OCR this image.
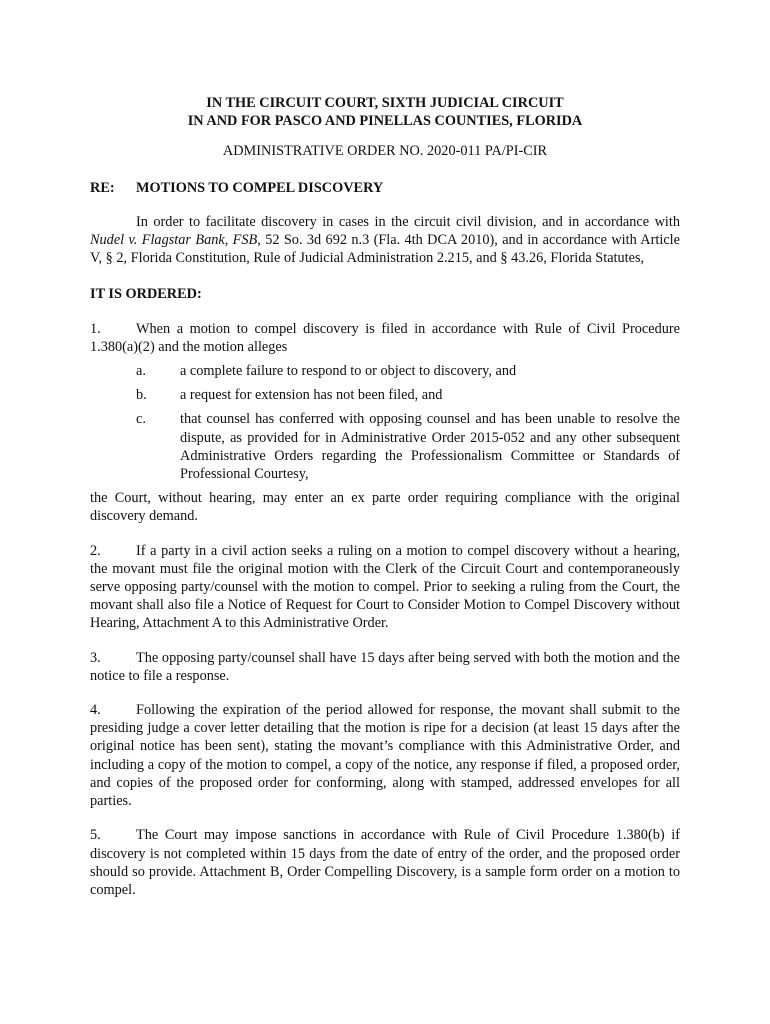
IN THE CIRCUIT COURT, SIXTH JUDICIAL CIRCUIT

IN AND FOR PASCO AND PINELLAS COUNTIES, FLORIDA

ADMINISTRATIVE ORDER NO. 2020-011 PA/PI-CIR

RE:	MOTIONS TO COMPEL DISCOVERY

In order to facilitate discovery in cases in the circuit civil division, and in accordance with Nudel v. Flagstar Bank, FSB, 52 So. 3d 692 n.3 (Fla. 4th DCA 2010), and in accordance with Article V, § 2, Florida Constitution, Rule of Judicial Administration 2.215, and § 43.26, Florida Statutes,

IT IS ORDERED:

1. When a motion to compel discovery is filed in accordance with Rule of Civil Procedure 1.380(a)(2) and the motion alleges

a.	a complete failure to respond to or object to discovery, and
b.	a request for extension has not been filed, and
c.	that counsel has conferred with opposing counsel and has been unable to resolve the dispute, as provided for in Administrative Order 2015-052 and any other subsequent Administrative Orders regarding the Professionalism Committee or Standards of Professional Courtesy,

the Court, without hearing, may enter an ex parte order requiring compliance with the original discovery demand.

2. If a party in a civil action seeks a ruling on a motion to compel discovery without a hearing, the movant must file the original motion with the Clerk of the Circuit Court and contemporaneously serve opposing party/counsel with the motion to compel. Prior to seeking a ruling from the Court, the movant shall also file a Notice of Request for Court to Consider Motion to Compel Discovery without Hearing, Attachment A to this Administrative Order.

3. The opposing party/counsel shall have 15 days after being served with both the motion and the notice to file a response.

4. Following the expiration of the period allowed for response, the movant shall submit to the presiding judge a cover letter detailing that the motion is ripe for a decision (at least 15 days after the original notice has been sent), stating the movant’s compliance with this Administrative Order, and including a copy of the motion to compel, a copy of the notice, any response if filed, a proposed order, and copies of the proposed order for conforming, along with stamped, addressed envelopes for all parties.

5. The Court may impose sanctions in accordance with Rule of Civil Procedure 1.380(b) if discovery is not completed within 15 days from the date of entry of the order, and the proposed order should so provide. Attachment B, Order Compelling Discovery, is a sample form order on a motion to compel.
